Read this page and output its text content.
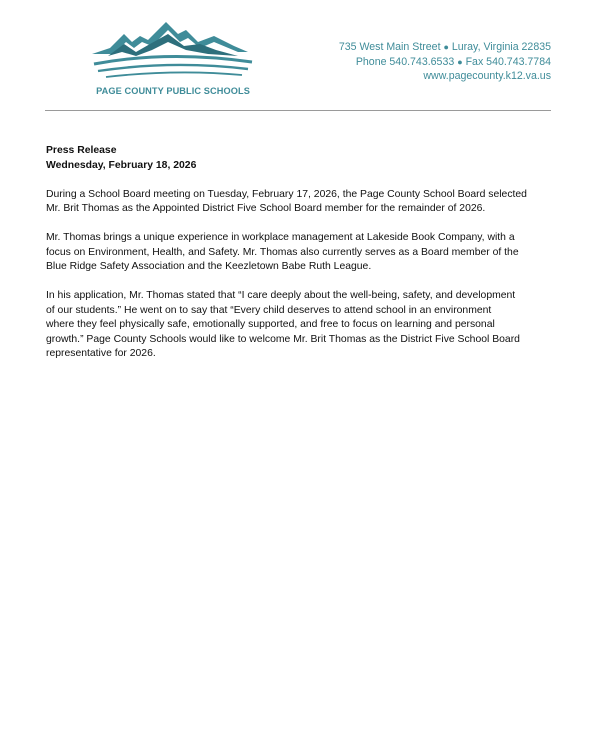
PAGE COUNTY PUBLIC SCHOOLS
735 West Main Street ● Luray, Virginia 22835
Phone 540.743.6533 ● Fax 540.743.7784
www.pagecounty.k12.va.us
Press Release
Wednesday, February 18, 2026
During a School Board meeting on Tuesday, February 17, 2026, the Page County School Board selected
Mr. Brit Thomas as the Appointed District Five School Board member for the remainder of 2026.
Mr. Thomas brings a unique experience in workplace management at Lakeside Book Company, with a
focus on Environment, Health, and Safety. Mr. Thomas also currently serves as a Board member of the
Blue Ridge Safety Association and the Keezletown Babe Ruth League.
In his application, Mr. Thomas stated that “I care deeply about the well-being, safety, and development
of our students.” He went on to say that “Every child deserves to attend school in an environment
where they feel physically safe, emotionally supported, and free to focus on learning and personal
growth.” Page County Schools would like to welcome Mr. Brit Thomas as the District Five School Board
representative for 2026.
